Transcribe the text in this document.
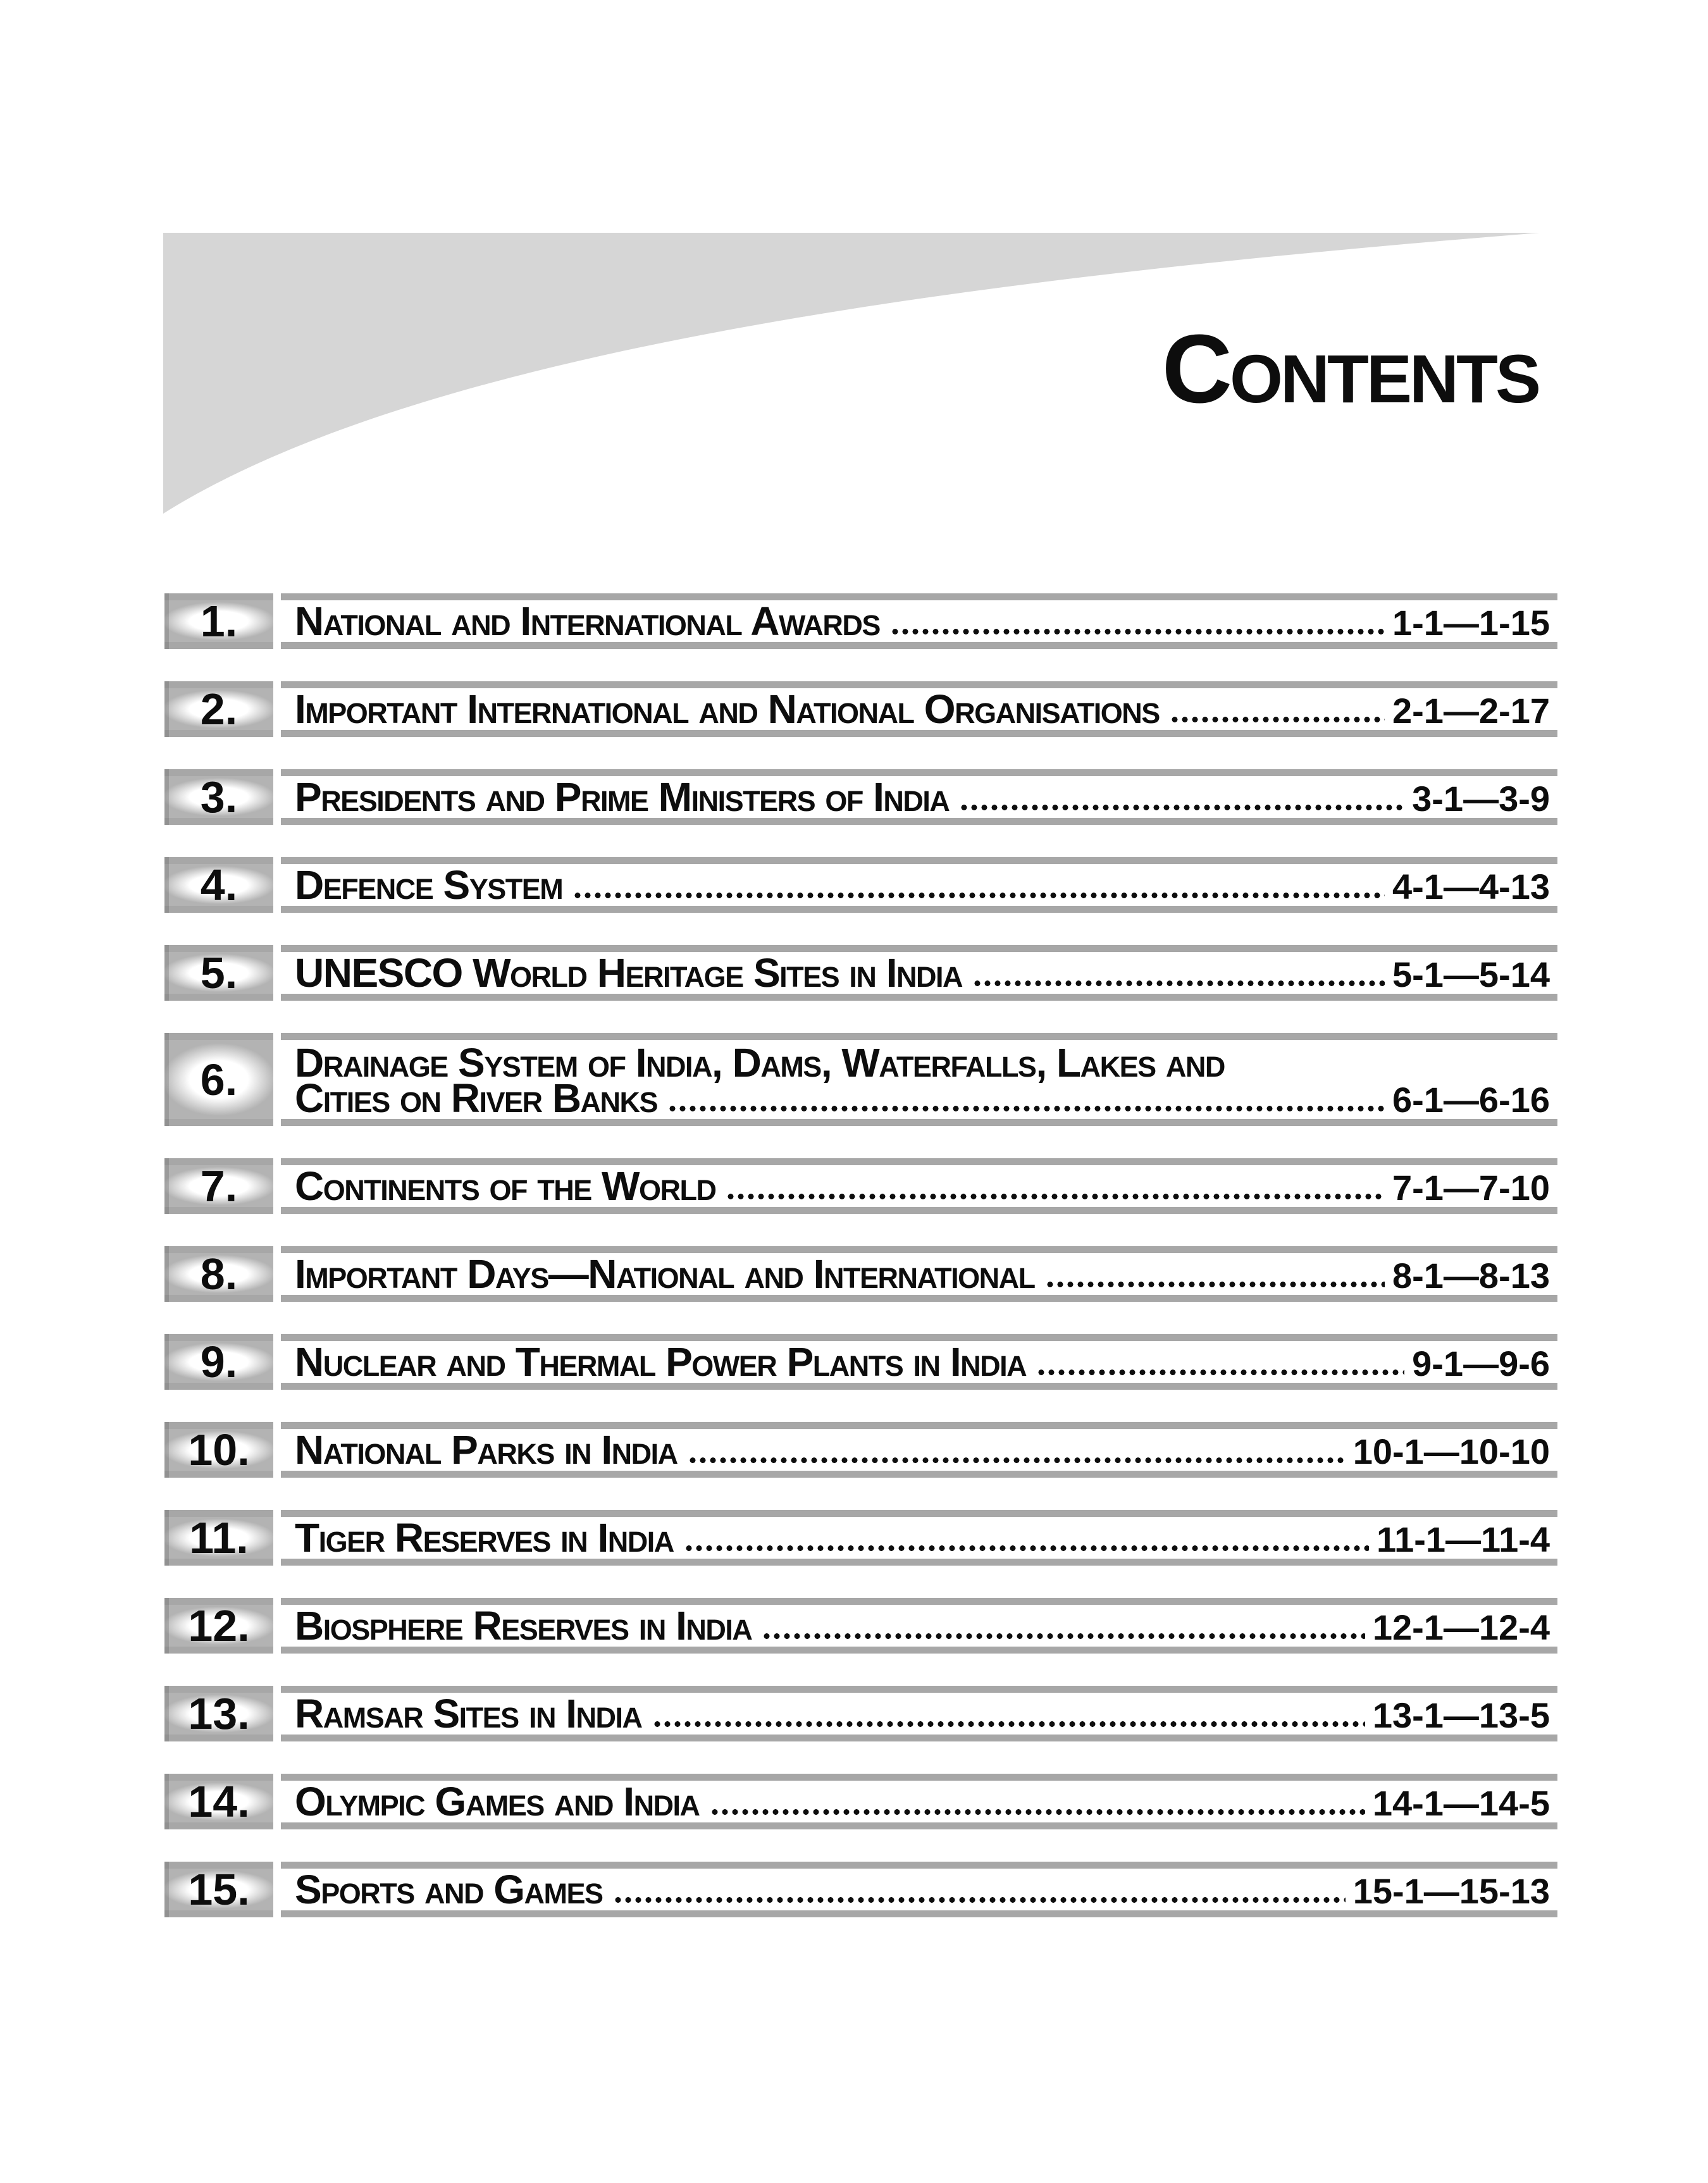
Contents
1.	National and International Awards	1-1—1-15
2.	Important International and National Organisations	2-1—2-17
3.	Presidents and Prime Ministers of India	3-1—3-9
4.	Defence System	4-1—4-13
5.	UNESCO World Heritage Sites in India	5-1—5-14
6.	Drainage System of India, Dams, Waterfalls, Lakes and
Cities on River Banks	6-1—6-16
7.	Continents of the World	7-1—7-10
8.	Important Days—National and International	8-1—8-13
9.	Nuclear and Thermal Power Plants in India	9-1—9-6
10.	National Parks in India	10-1—10-10
11.	Tiger Reserves in India	11-1—11-4
12.	Biosphere Reserves in India	12-1—12-4
13.	Ramsar Sites in India	13-1—13-5
14.	Olympic Games and India	14-1—14-5
15.	Sports and Games	15-1—15-13
